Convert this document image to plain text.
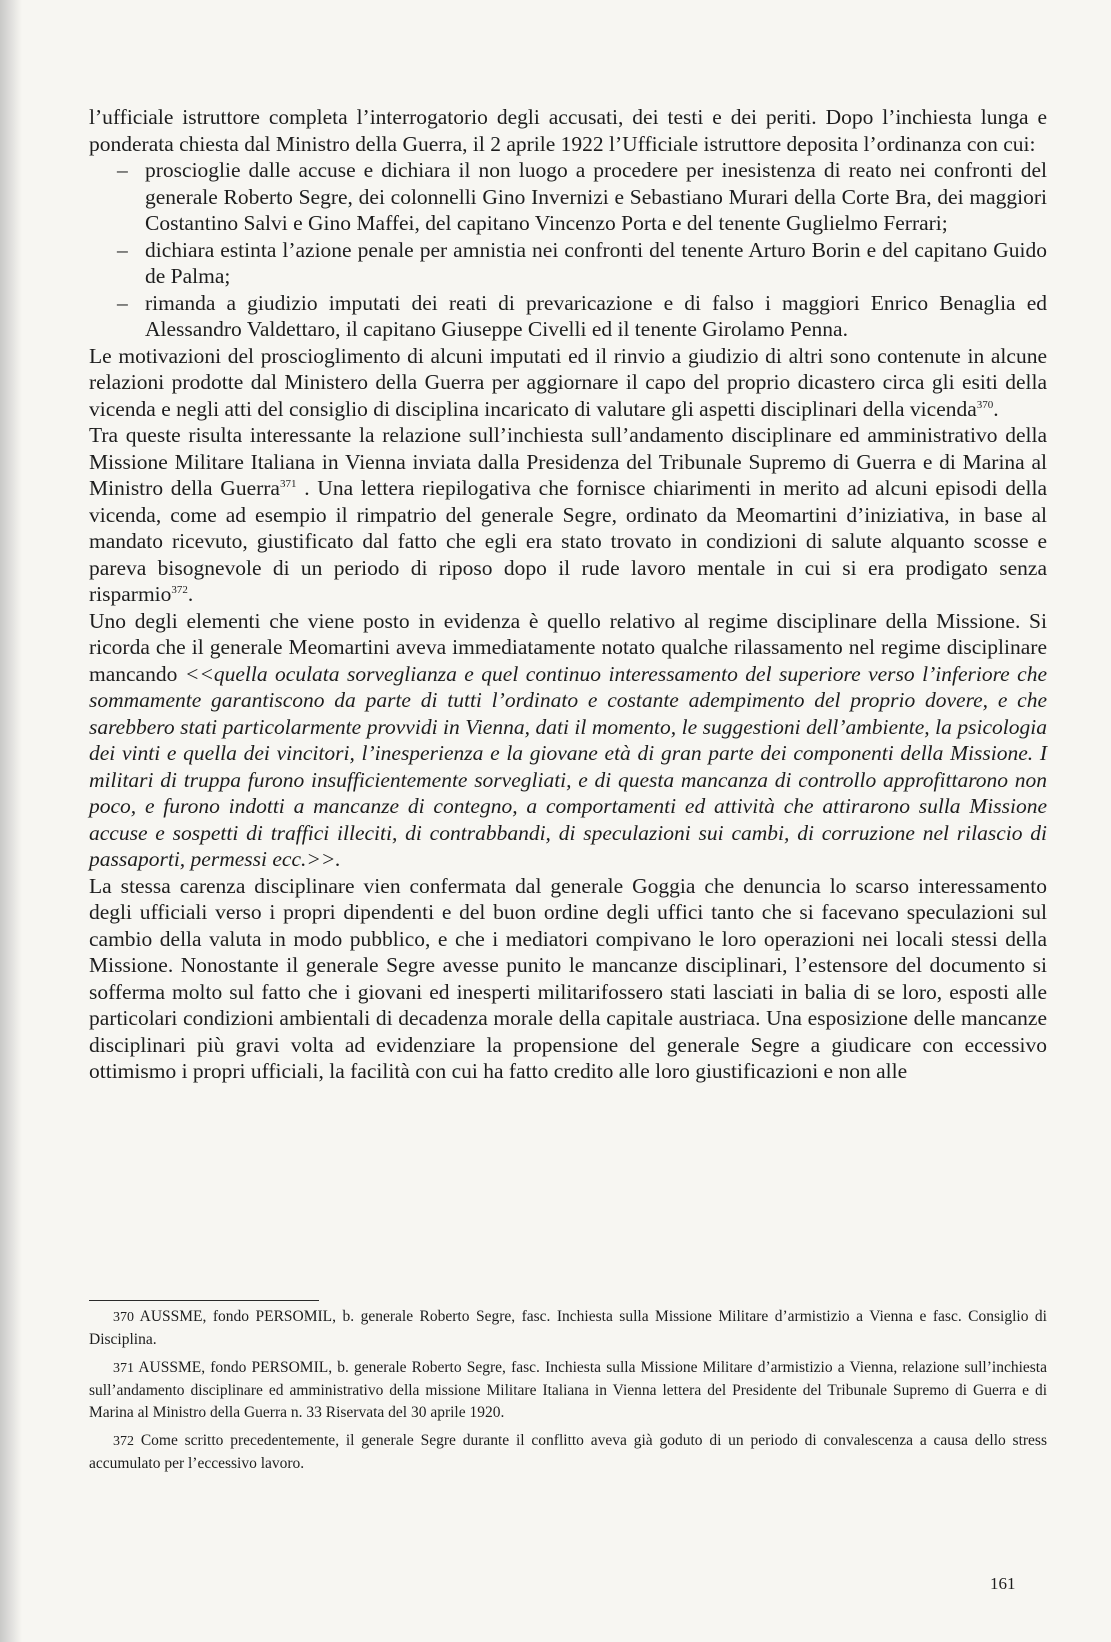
l’ufficiale istruttore completa l’interrogatorio degli accusati, dei testi e dei periti. Dopo l’inchiesta lunga e ponderata chiesta dal Ministro della Guerra, il 2 aprile 1922 l’Ufficiale istruttore deposita l’ordinanza con cui:

– proscioglie dalle accuse e dichiara il non luogo a procedere per inesistenza di reato nei confronti del generale Roberto Segre, dei colonnelli Gino Invernizi e Sebastiano Murari della Corte Bra, dei maggiori Costantino Salvi e Gino Maffei, del capitano Vincenzo Porta e del tenente Guglielmo Ferrari;
– dichiara estinta l’azione penale per amnistia nei confronti del tenente Arturo Borin e del capitano Guido de Palma;
– rimanda a giudizio imputati dei reati di prevaricazione e di falso i maggiori Enrico Benaglia ed Alessandro Valdettaro, il capitano Giuseppe Civelli ed il tenente Girolamo Penna.

Le motivazioni del proscioglimento di alcuni imputati ed il rinvio a giudizio di altri sono contenute in alcune relazioni prodotte dal Ministero della Guerra per aggiornare il capo del proprio dicastero circa gli esiti della vicenda e negli atti del consiglio di disciplina incaricato di valutare gli aspetti disciplinari della vicenda$^{370}$.

Tra queste risulta interessante la relazione sull’inchiesta sull’andamento disciplinare ed amministrativo della Missione Militare Italiana in Vienna inviata dalla Presidenza del Tribunale Supremo di Guerra e di Marina al Ministro della Guerra$^{371}$ . Una lettera riepilogativa che fornisce chiarimenti in merito ad alcuni episodi della vicenda, come ad esempio il rimpatrio del generale Segre, ordinato da Meomartini d’iniziativa, in base al mandato ricevuto, giustificato dal fatto che egli era stato trovato in condizioni di salute alquanto scosse e pareva bisognevole di un periodo di riposo dopo il rude lavoro mentale in cui si era prodigato senza risparmio$^{372}$.

Uno degli elementi che viene posto in evidenza è quello relativo al regime disciplinare della Missione. Si ricorda che il generale Meomartini aveva immediatamente notato qualche rilassamento nel regime disciplinare mancando <<quella oculata sorveglianza e quel continuo interessamento del superiore verso l’inferiore che sommamente garantiscono da parte di tutti l’ordinato e costante adempimento del proprio dovere, e che sarebbero stati particolarmente provvidi in Vienna, dati il momento, le suggestioni dell’ambiente, la psicologia dei vinti e quella dei vincitori, l’inesperienza e la giovane età di gran parte dei componenti della Missione. I militari di truppa furono insufficientemente sorvegliati, e di questa mancanza di controllo approfittarono non poco, e furono indotti a mancanze di contegno, a comportamenti ed attività che attirarono sulla Missione accuse e sospetti di traffici illeciti, di contrabbandi, di speculazioni sui cambi, di corruzione nel rilascio di passaporti, permessi ecc.>>.

La stessa carenza disciplinare vien confermata dal generale Goggia che denuncia lo scarso interessamento degli ufficiali verso i propri dipendenti e del buon ordine degli uffici tanto che si facevano speculazioni sul cambio della valuta in modo pubblico, e che i mediatori compivano le loro operazioni nei locali stessi della Missione. Nonostante il generale Segre avesse punito le mancanze disciplinari, l’estensore del documento si sofferma molto sul fatto che i giovani ed inesperti militarifossero stati lasciati in balia di se loro, esposti alle particolari condizioni ambientali di decadenza morale della capitale austriaca. Una esposizione delle mancanze disciplinari più gravi volta ad evidenziare la propensione del generale Segre a giudicare con eccessivo ottimismo i propri ufficiali, la facilità con cui ha fatto credito alle loro giustificazioni e non alle

370 AUSSME, fondo PERSOMIL, b. generale Roberto Segre, fasc. Inchiesta sulla Missione Militare d’armistizio a Vienna e fasc. Consiglio di Disciplina.

371 AUSSME, fondo PERSOMIL, b. generale Roberto Segre, fasc. Inchiesta sulla Missione Militare d’armistizio a Vienna, relazione sull’inchiesta sull’andamento disciplinare ed amministrativo della missione Militare Italiana in Vienna lettera del Presidente del Tribunale Supremo di Guerra e di Marina al Ministro della Guerra n. 33 Riservata del 30 aprile 1920.

372 Come scritto precedentemente, il generale Segre durante il conflitto aveva già goduto di un periodo di convalescenza a causa dello stress accumulato per l’eccessivo lavoro.

161
